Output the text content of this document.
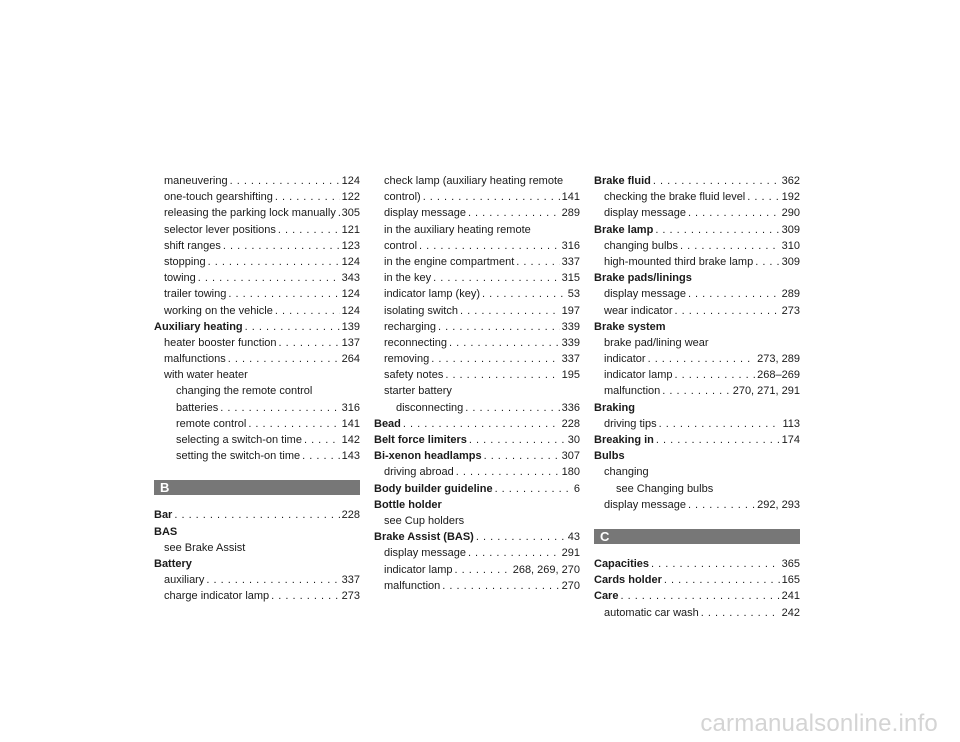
maneuvering . . .	124
one-touch gearshifting . . .	122
releasing the parking lock manually . . . 305
selector lever positions . . .	121
shift ranges . . .	123
stopping . . .	124
towing . . .	343
trailer towing . . .	124
working on the vehicle . . .	124
Auxiliary heating . . .	139
heater booster function . . .	137
malfunctions . . .	264
with water heater
changing the remote control
batteries . . .	316
remote control . . .	141
selecting a switch-on time . . .	142
setting the switch-on time . . .	143
B
Bar . . .	228
BAS
see Brake Assist
Battery
auxiliary . . .	337
charge indicator lamp . . .	273
check lamp (auxiliary heating remote
control) . . .	141
display message . . .	289
in the auxiliary heating remote
control . . .	316
in the engine compartment . . .	337
in the key . . .	315
indicator lamp (key) . . .	53
isolating switch . . .	197
recharging . . .	339
reconnecting . . .	339
removing . . .	337
safety notes . . .	195
starter battery
disconnecting . . .	336
Bead . . .	228
Belt force limiters . . .	30
Bi-xenon headlamps . . .	307
driving abroad . . .	180
Body builder guideline . . .	6
Bottle holder
see Cup holders
Brake Assist (BAS) . . .	43
display message . . .	291
indicator lamp . . .	268, 269, 270
malfunction . . .	270
Brake fluid . . .	362
checking the brake fluid level . . .	192
display message . . .	290
Brake lamp . . .	309
changing bulbs . . .	310
high-mounted third brake lamp . . .	309
Brake pads/linings
display message . . .	289
wear indicator . . .	273
Brake system
brake pad/lining wear
indicator . . .	273, 289
indicator lamp . . .	268–269
malfunction . . .	270, 271, 291
Braking
driving tips . . .	113
Breaking in . . .	174
Bulbs
changing
see Changing bulbs
display message . . .	292, 293
C
Capacities . . .	365
Cards holder . . .	165
Care . . .	241
automatic car wash . . .	242
carmanualsonline.info
